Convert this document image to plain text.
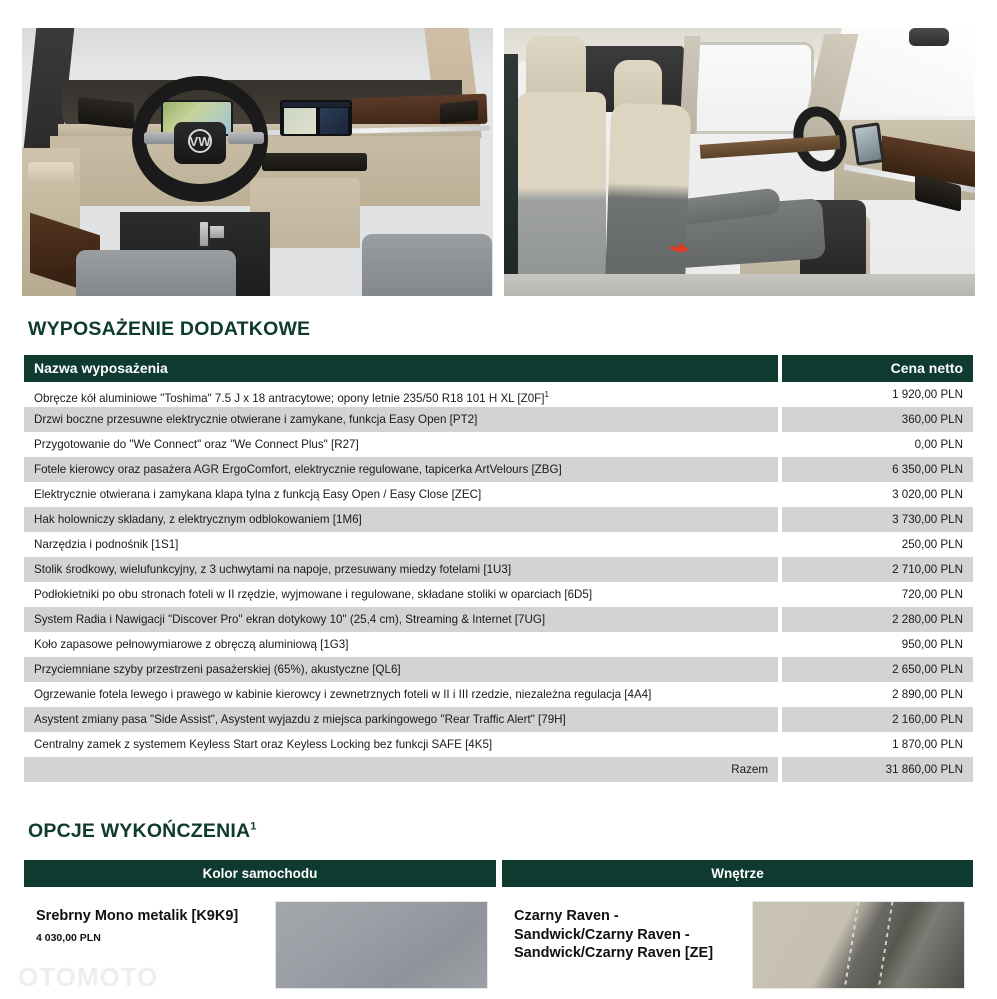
VW
WYPOSAŻENIE DODATKOWE
Nazwa wyposażenia	Cena netto
Obręcze kół aluminiowe "Toshima" 7.5 J x 18 antracytowe; opony letnie 235/50 R18 101 H XL $[Z0F]^1$	1 920,00 PLN
Drzwi boczne przesuwne elektrycznie otwierane i zamykane, funkcja Easy Open [PT2]	360,00 PLN
Przygotowanie do "We Connect" oraz "We Connect Plus" [R27]	0,00 PLN
Fotele kierowcy oraz pasażera AGR ErgoComfort, elektrycznie regulowane, tapicerka ArtVelours [ZBG]	6 350,00 PLN
Elektrycznie otwierana i zamykana klapa tylna z funkcją Easy Open / Easy Close [ZEC]	3 020,00 PLN
Hak holowniczy skladany, z elektrycznym odblokowaniem [1M6]	3 730,00 PLN
Narzędzia i podnośnik [1S1]	250,00 PLN
Stolik środkowy, wielufunkcyjny, z 3 uchwytami na napoje, przesuwany miedzy fotelami [1U3]	2 710,00 PLN
Podłokietniki po obu stronach foteli w II rzędzie, wyjmowane i regulowane, składane stoliki w oparciach [6D5]	720,00 PLN
System Radia i Nawigacji "Discover Pro" ekran dotykowy 10" (25,4 cm), Streaming & Internet [7UG]	2 280,00 PLN
Koło zapasowe pełnowymiarowe z obręczą aluminiową [1G3]	950,00 PLN
Przyciemniane szyby przestrzeni pasażerskiej (65%), akustyczne [QL6]	2 650,00 PLN
Ogrzewanie fotela lewego i prawego w kabinie kierowcy i zewnetrznych foteli w II i III rzedzie, niezależna regulacja [4A4]	2 890,00 PLN
Asystent zmiany pasa "Side Assist", Asystent wyjazdu z miejsca parkingowego "Rear Traffic Alert" [79H]	2 160,00 PLN
Centralny zamek z systemem Keyless Start oraz Keyless Locking bez funkcji SAFE [4K5]	1 870,00 PLN
Razem	31 860,00 PLN
OPCJE WYKOŃCZENIA$^1$
Kolor samochodu	Wnętrze
Srebrny Mono metalik [K9K9]
4 030,00 PLN
Czarny Raven - Sandwick/Czarny Raven - Sandwick/Czarny Raven [ZE]
OTOMOTO
